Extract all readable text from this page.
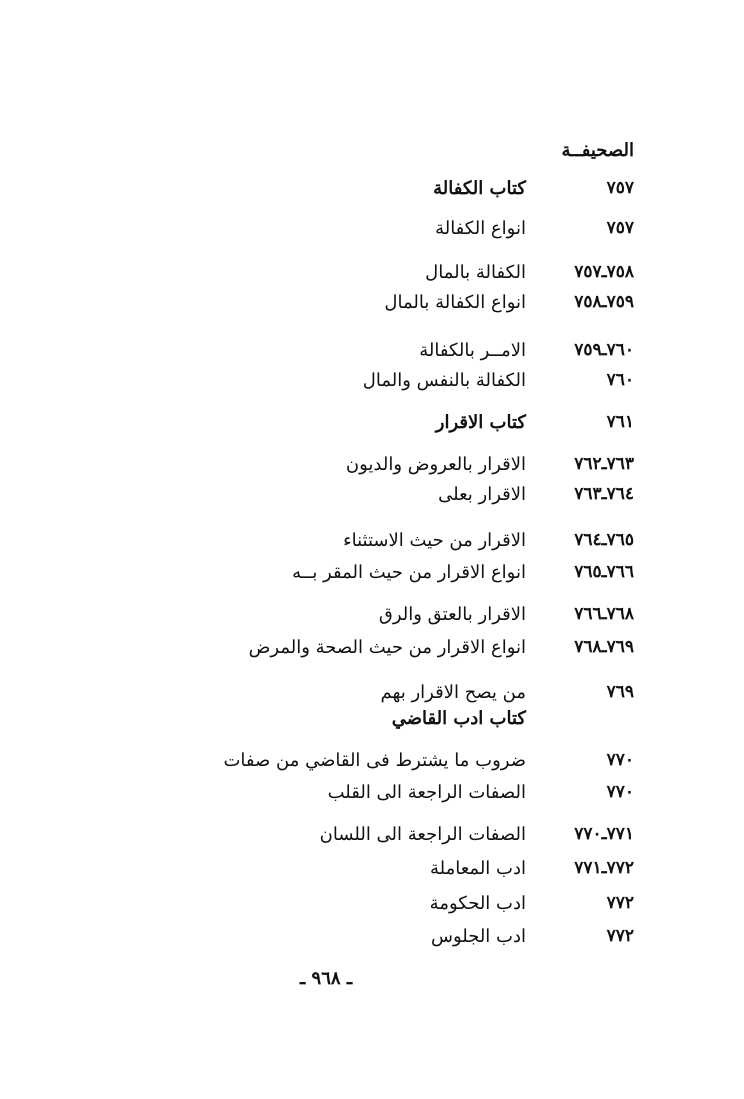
الصحيفــة
٧٥٧
كتاب الكفالة
٧٥٧
انواع الكفالة
٧٥٨ـ٧٥٧
الكفالة بالمال
٧٥٩ـ٧٥٨
انواع الكفالة بالمال
٧٦٠ـ٧٥٩
الامــر بالكفالة
٧٦٠
الكفالة بالنفس والمال
٧٦١
كتاب الاقرار
٧٦٣ـ٧٦٢
الاقرار بالعروض والديون
٧٦٤ـ٧٦٣
الاقرار بعلى
٧٦٥ـ٧٦٤
الاقرار من حيث الاستثناء
٧٦٦ـ٧٦٥
انواع الاقرار من حيث المقر بــه
٧٦٨ـ٧٦٦
الاقرار بالعتق والرق
٧٦٩ـ٧٦٨
انواع الاقرار من حيث الصحة والمرض
٧٦٩
من يصح الاقرار بهم
كتاب ادب القاضي
٧٧٠
ضروب ما يشترط فى القاضي من صفات
٧٧٠
الصفات الراجعة الى القلب
٧٧١ـ٧٧٠
الصفات الراجعة الى اللسان
٧٧٢ـ٧٧١
ادب المعاملة
٧٧٢
ادب الحكومة
٧٧٢
ادب الجلوس
ـ ٩٦٨ ـ
